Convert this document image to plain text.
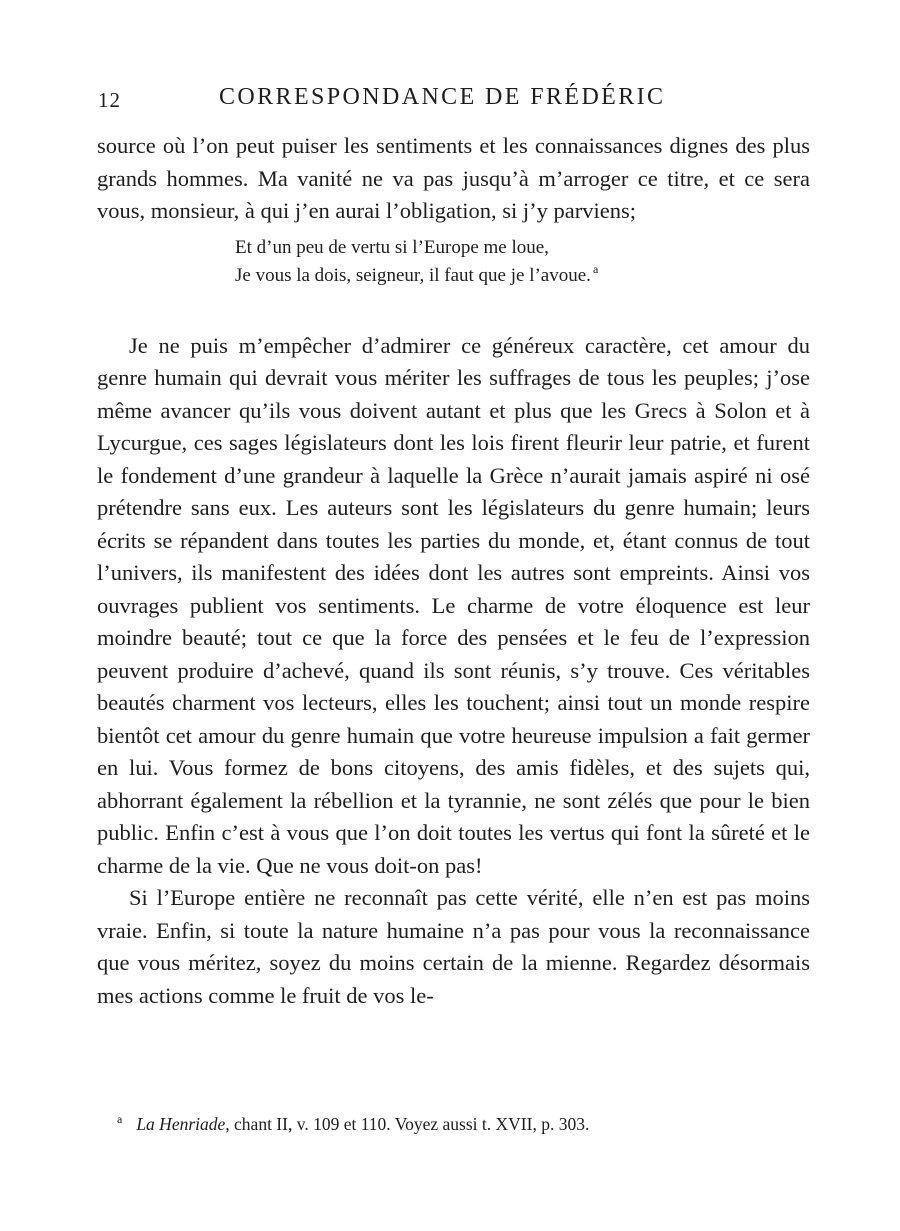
12	CORRESPONDANCE DE FRÉDÉRIC

source où l’on peut puiser les sentiments et les connaissances dignes des plus grands hommes. Ma vanité ne va pas jusqu’à m’arroger ce titre, et ce sera vous, monsieur, à qui j’en aurai l’obligation, si j’y parviens;

Et d’un peu de vertu si l’Europe me loue,
Je vous la dois, seigneur, il faut que je l’avoue. $^a$

Je ne puis m’empêcher d’admirer ce généreux caractère, cet amour du genre humain qui devrait vous mériter les suffrages de tous les peuples; j’ose même avancer qu’ils vous doivent autant et plus que les Grecs à Solon et à Lycurgue, ces sages législateurs dont les lois firent fleurir leur patrie, et furent le fondement d’une grandeur à laquelle la Grèce n’aurait jamais aspiré ni osé prétendre sans eux. Les auteurs sont les législateurs du genre humain; leurs écrits se répandent dans toutes les parties du monde, et, étant connus de tout l’univers, ils manifestent des idées dont les autres sont empreints. Ainsi vos ouvrages publient vos sentiments. Le charme de votre éloquence est leur moindre beauté; tout ce que la force des pensées et le feu de l’expression peuvent produire d’achevé, quand ils sont réunis, s’y trouve. Ces véritables beautés charment vos lecteurs, elles les touchent; ainsi tout un monde respire bientôt cet amour du genre humain que votre heureuse impulsion a fait germer en lui. Vous formez de bons citoyens, des amis fidèles, et des sujets qui, abhorrant également la rébellion et la tyrannie, ne sont zélés que pour le bien public. Enfin c’est à vous que l’on doit toutes les vertus qui font la sûreté et le charme de la vie. Que ne vous doit-on pas!

Si l’Europe entière ne reconnaît pas cette vérité, elle n’en est pas moins vraie. Enfin, si toute la nature humaine n’a pas pour vous la reconnaissance que vous méritez, soyez du moins certain de la mienne. Regardez désormais mes actions comme le fruit de vos le-

$^a$ La Henriade, chant II, v. 109 et 110. Voyez aussi t. XVII, p. 303.
